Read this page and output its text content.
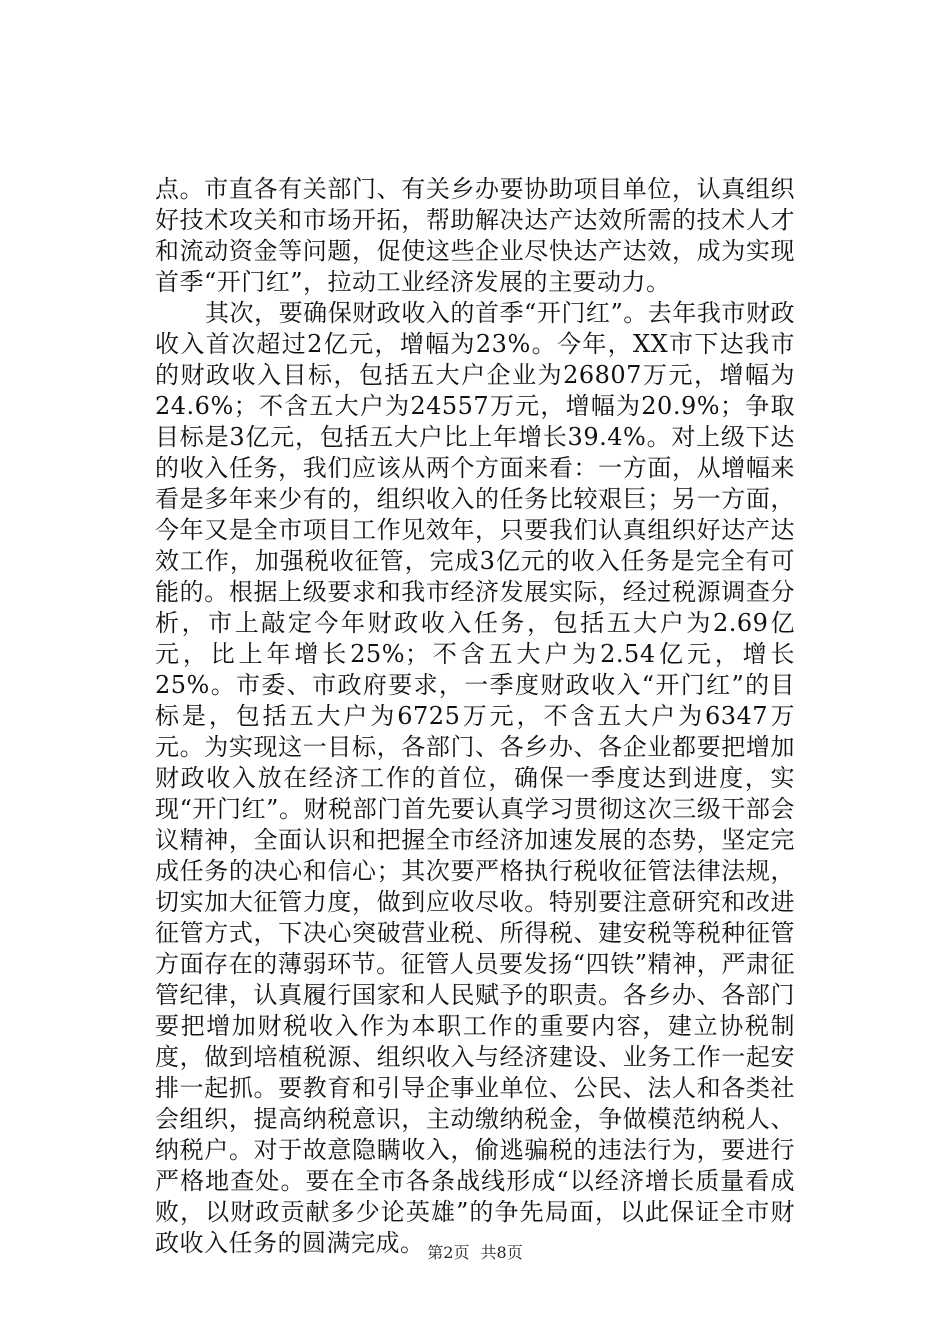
点。市直各有关部门、有关乡办要协助项目单位，认真组织好技术攻关和市场开拓，帮助解决达产达效所需的技术人才和流动资金等问题，促使这些企业尽快达产达效，成为实现首季“开门红”，拉动工业经济发展的主要动力。

其次，要确保财政收入的首季“开门红”。去年我市财政收入首次超过2亿元，增幅为23%。今年，XX市下达我市的财政收入目标，包括五大户企业为26807万元，增幅为24.6%；不含五大户为24557万元，增幅为20.9%；争取目标是3亿元，包括五大户比上年增长39.4%。对上级下达的收入任务，我们应该从两个方面来看：一方面，从增幅来看是多年来少有的，组织收入的任务比较艰巨；另一方面，今年又是全市项目工作见效年，只要我们认真组织好达产达效工作，加强税收征管，完成3亿元的收入任务是完全有可能的。根据上级要求和我市经济发展实际，经过税源调查分析，市上敲定今年财政收入任务，包括五大户为2.69亿元，比上年增长25%；不含五大户为2.54亿元，增长25%。市委、市政府要求，一季度财政收入“开门红”的目标是，包括五大户为6725万元，不含五大户为6347万元。为实现这一目标，各部门、各乡办、各企业都要把增加财政收入放在经济工作的首位，确保一季度达到进度，实现“开门红”。财税部门首先要认真学习贯彻这次三级干部会议精神，全面认识和把握全市经济加速发展的态势，坚定完成任务的决心和信心；其次要严格执行税收征管法律法规，切实加大征管力度，做到应收尽收。特别要注意研究和改进征管方式，下决心突破营业税、所得税、建安税等税种征管方面存在的薄弱环节。征管人员要发扬“四铁”精神，严肃征管纪律，认真履行国家和人民赋予的职责。各乡办、各部门要把增加财税收入作为本职工作的重要内容，建立协税制度，做到培植税源、组织收入与经济建设、业务工作一起安排一起抓。要教育和引导企事业单位、公民、法人和各类社会组织，提高纳税意识，主动缴纳税金，争做模范纳税人、纳税户。对于故意隐瞒收入，偷逃骗税的违法行为，要进行严格地查处。要在全市各条战线形成“以经济增长质量看成败，以财政贡献多少论英雄”的争先局面，以此保证全市财政收入任务的圆满完成。 第2页 共8页
